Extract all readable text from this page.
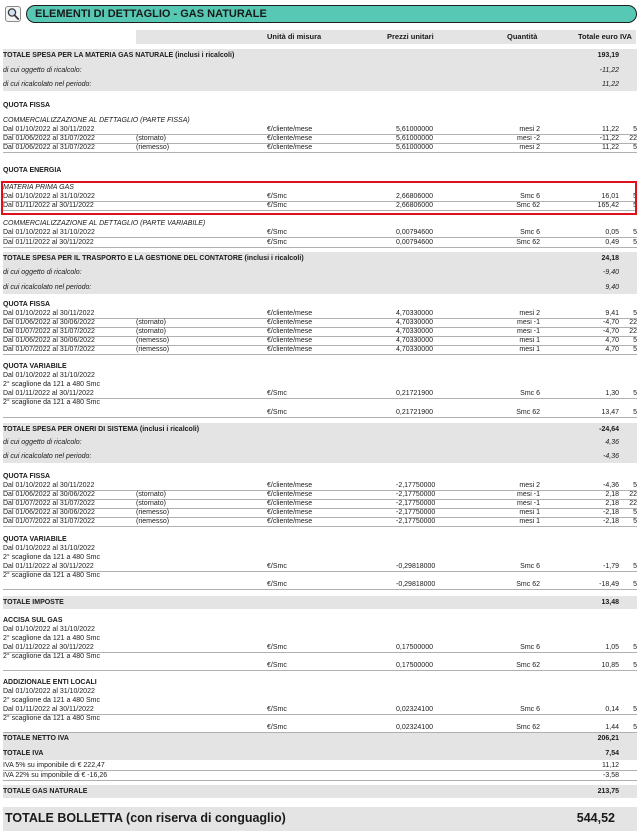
ELEMENTI DI DETTAGLIO - GAS NATURALE
Unità di misura	Prezzi unitari	Quantità	Totale euro IVA
TOTALE SPESA PER LA MATERIA GAS NATURALE (inclusi i ricalcoli)	193,19
di cui oggetto di ricalcolo:	-11,22
di cui ricalcolato nel periodo:	11,22
QUOTA FISSA
COMMERCIALIZZAZIONE AL DETTAGLIO (PARTE FISSA)
Dal 01/10/2022 al 30/11/2022	€/cliente/mese	5,61000000	mesi 2	11,22	5
Dal 01/06/2022 al 31/07/2022	(stornato)	€/cliente/mese	5,61000000	mesi -2	-11,22	22
Dal 01/06/2022 al 31/07/2022	(riemesso)	€/cliente/mese	5,61000000	mesi 2	11,22	5
QUOTA ENERGIA
MATERIA PRIMA GAS
Dal 01/10/2022 al 31/10/2022	€/Smc	2,66806000	Smc 6	16,01	5
Dal 01/11/2022 al 30/11/2022	€/Smc	2,66806000	Smc 62	165,42	5
COMMERCIALIZZAZIONE AL DETTAGLIO (PARTE VARIABILE)
Dal 01/10/2022 al 31/10/2022	€/Smc	0,00794600	Smc 6	0,05	5
Dal 01/11/2022 al 30/11/2022	€/Smc	0,00794600	Smc 62	0,49	5
TOTALE SPESA PER IL TRASPORTO E LA GESTIONE DEL CONTATORE (inclusi i ricalcoli)	24,18
di cui oggetto di ricalcolo:	-9,40
di cui ricalcolato nel periodo:	9,40
QUOTA FISSA
Dal 01/10/2022 al 30/11/2022	€/cliente/mese	4,70330000	mesi 2	9,41	5
Dal 01/06/2022 al 30/06/2022	(stornato)	€/cliente/mese	4,70330000	mesi -1	-4,70	22
Dal 01/07/2022 al 31/07/2022	(stornato)	€/cliente/mese	4,70330000	mesi -1	-4,70	22
Dal 01/06/2022 al 30/06/2022	(riemesso)	€/cliente/mese	4,70330000	mesi 1	4,70	5
Dal 01/07/2022 al 31/07/2022	(riemesso)	€/cliente/mese	4,70330000	mesi 1	4,70	5
QUOTA VARIABILE
Dal 01/10/2022 al 31/10/2022
2° scaglione da 121 a 480 Smc
Dal 01/11/2022 al 30/11/2022	€/Smc	0,21721900	Smc 6	1,30	5
2° scaglione da 121 a 480 Smc
€/Smc	0,21721900	Smc 62	13,47	5
TOTALE SPESA PER ONERI DI SISTEMA (inclusi i ricalcoli)	-24,64
di cui oggetto di ricalcolo:	4,36
di cui ricalcolato nel periodo:	-4,36
QUOTA FISSA
Dal 01/10/2022 al 30/11/2022	€/cliente/mese	-2,17750000	mesi 2	-4,36	5
Dal 01/06/2022 al 30/06/2022	(stornato)	€/cliente/mese	-2,17750000	mesi -1	2,18	22
Dal 01/07/2022 al 31/07/2022	(stornato)	€/cliente/mese	-2,17750000	mesi -1	2,18	22
Dal 01/06/2022 al 30/06/2022	(riemesso)	€/cliente/mese	-2,17750000	mesi 1	-2,18	5
Dal 01/07/2022 al 31/07/2022	(riemesso)	€/cliente/mese	-2,17750000	mesi 1	-2,18	5
QUOTA VARIABILE
Dal 01/10/2022 al 31/10/2022
2° scaglione da 121 a 480 Smc
Dal 01/11/2022 al 30/11/2022	€/Smc	-0,29818000	Smc 6	-1,79	5
2° scaglione da 121 a 480 Smc
€/Smc	-0,29818000	Smc 62	-18,49	5
TOTALE IMPOSTE	13,48
ACCISA SUL GAS
Dal 01/10/2022 al 31/10/2022
2° scaglione da 121 a 480 Smc
Dal 01/11/2022 al 30/11/2022	€/Smc	0,17500000	Smc 6	1,05	5
2° scaglione da 121 a 480 Smc
€/Smc	0,17500000	Smc 62	10,85	5
ADDIZIONALE ENTI LOCALI
Dal 01/10/2022 al 31/10/2022
2° scaglione da 121 a 480 Smc
Dal 01/11/2022 al 30/11/2022	€/Smc	0,02324100	Smc 6	0,14	5
2° scaglione da 121 a 480 Smc
€/Smc	0,02324100	Smc 62	1,44	5
TOTALE NETTO IVA	206,21
TOTALE IVA	7,54
IVA 5% su imponibile di € 222,47	11,12
IVA 22% su imponibile di € -16,26	-3,58
TOTALE GAS NATURALE	213,75
TOTALE BOLLETTA (con riserva di conguaglio)	544,52
